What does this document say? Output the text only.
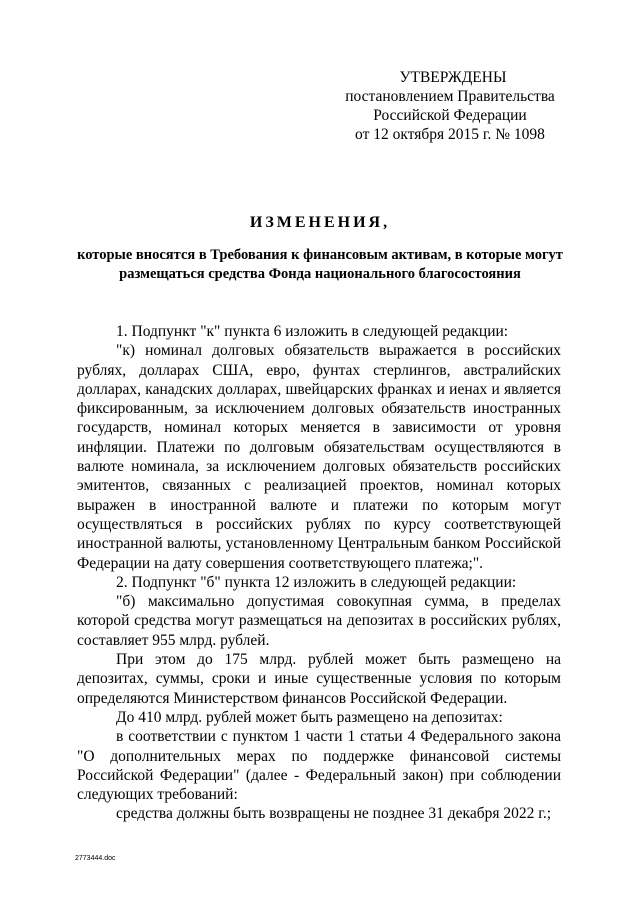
УТВЕРЖДЕНЫ
постановлением Правительства
Российской Федерации
от 12 октября 2015 г. № 1098
ИЗМЕНЕНИЯ,
которые вносятся в Требования к финансовым активам, в которые могут размещаться средства Фонда национального благосостояния

1. Подпункт "к" пункта 6 изложить в следующей редакции:

"к) номинал долговых обязательств выражается в российских рублях, долларах США, евро, фунтах стерлингов, австралийских долларах, канадских долларах, швейцарских франках и иенах и является фиксированным, за исключением долговых обязательств иностранных государств, номинал которых меняется в зависимости от уровня инфляции. Платежи по долговым обязательствам осуществляются в валюте номинала, за исключением долговых обязательств российских эмитентов, связанных с реализацией проектов, номинал которых выражен в иностранной валюте и платежи по которым могут осуществляться в российских рублях по курсу соответствующей иностранной валюты, установленному Центральным банком Российской Федерации на дату совершения соответствующего платежа;".

2. Подпункт "б" пункта 12 изложить в следующей редакции:

"б) максимально допустимая совокупная сумма, в пределах которой средства могут размещаться на депозитах в российских рублях, составляет 955 млрд. рублей.

При этом до 175 млрд. рублей может быть размещено на депозитах, суммы, сроки и иные существенные условия по которым определяются Министерством финансов Российской Федерации.

До 410 млрд. рублей может быть размещено на депозитах:

в соответствии с пунктом 1 части 1 статьи 4 Федерального закона "О дополнительных мерах по поддержке финансовой системы Российской Федерации" (далее - Федеральный закон) при соблюдении следующих требований:

средства должны быть возвращены не позднее 31 декабря 2022 г.;

2773444.doc
